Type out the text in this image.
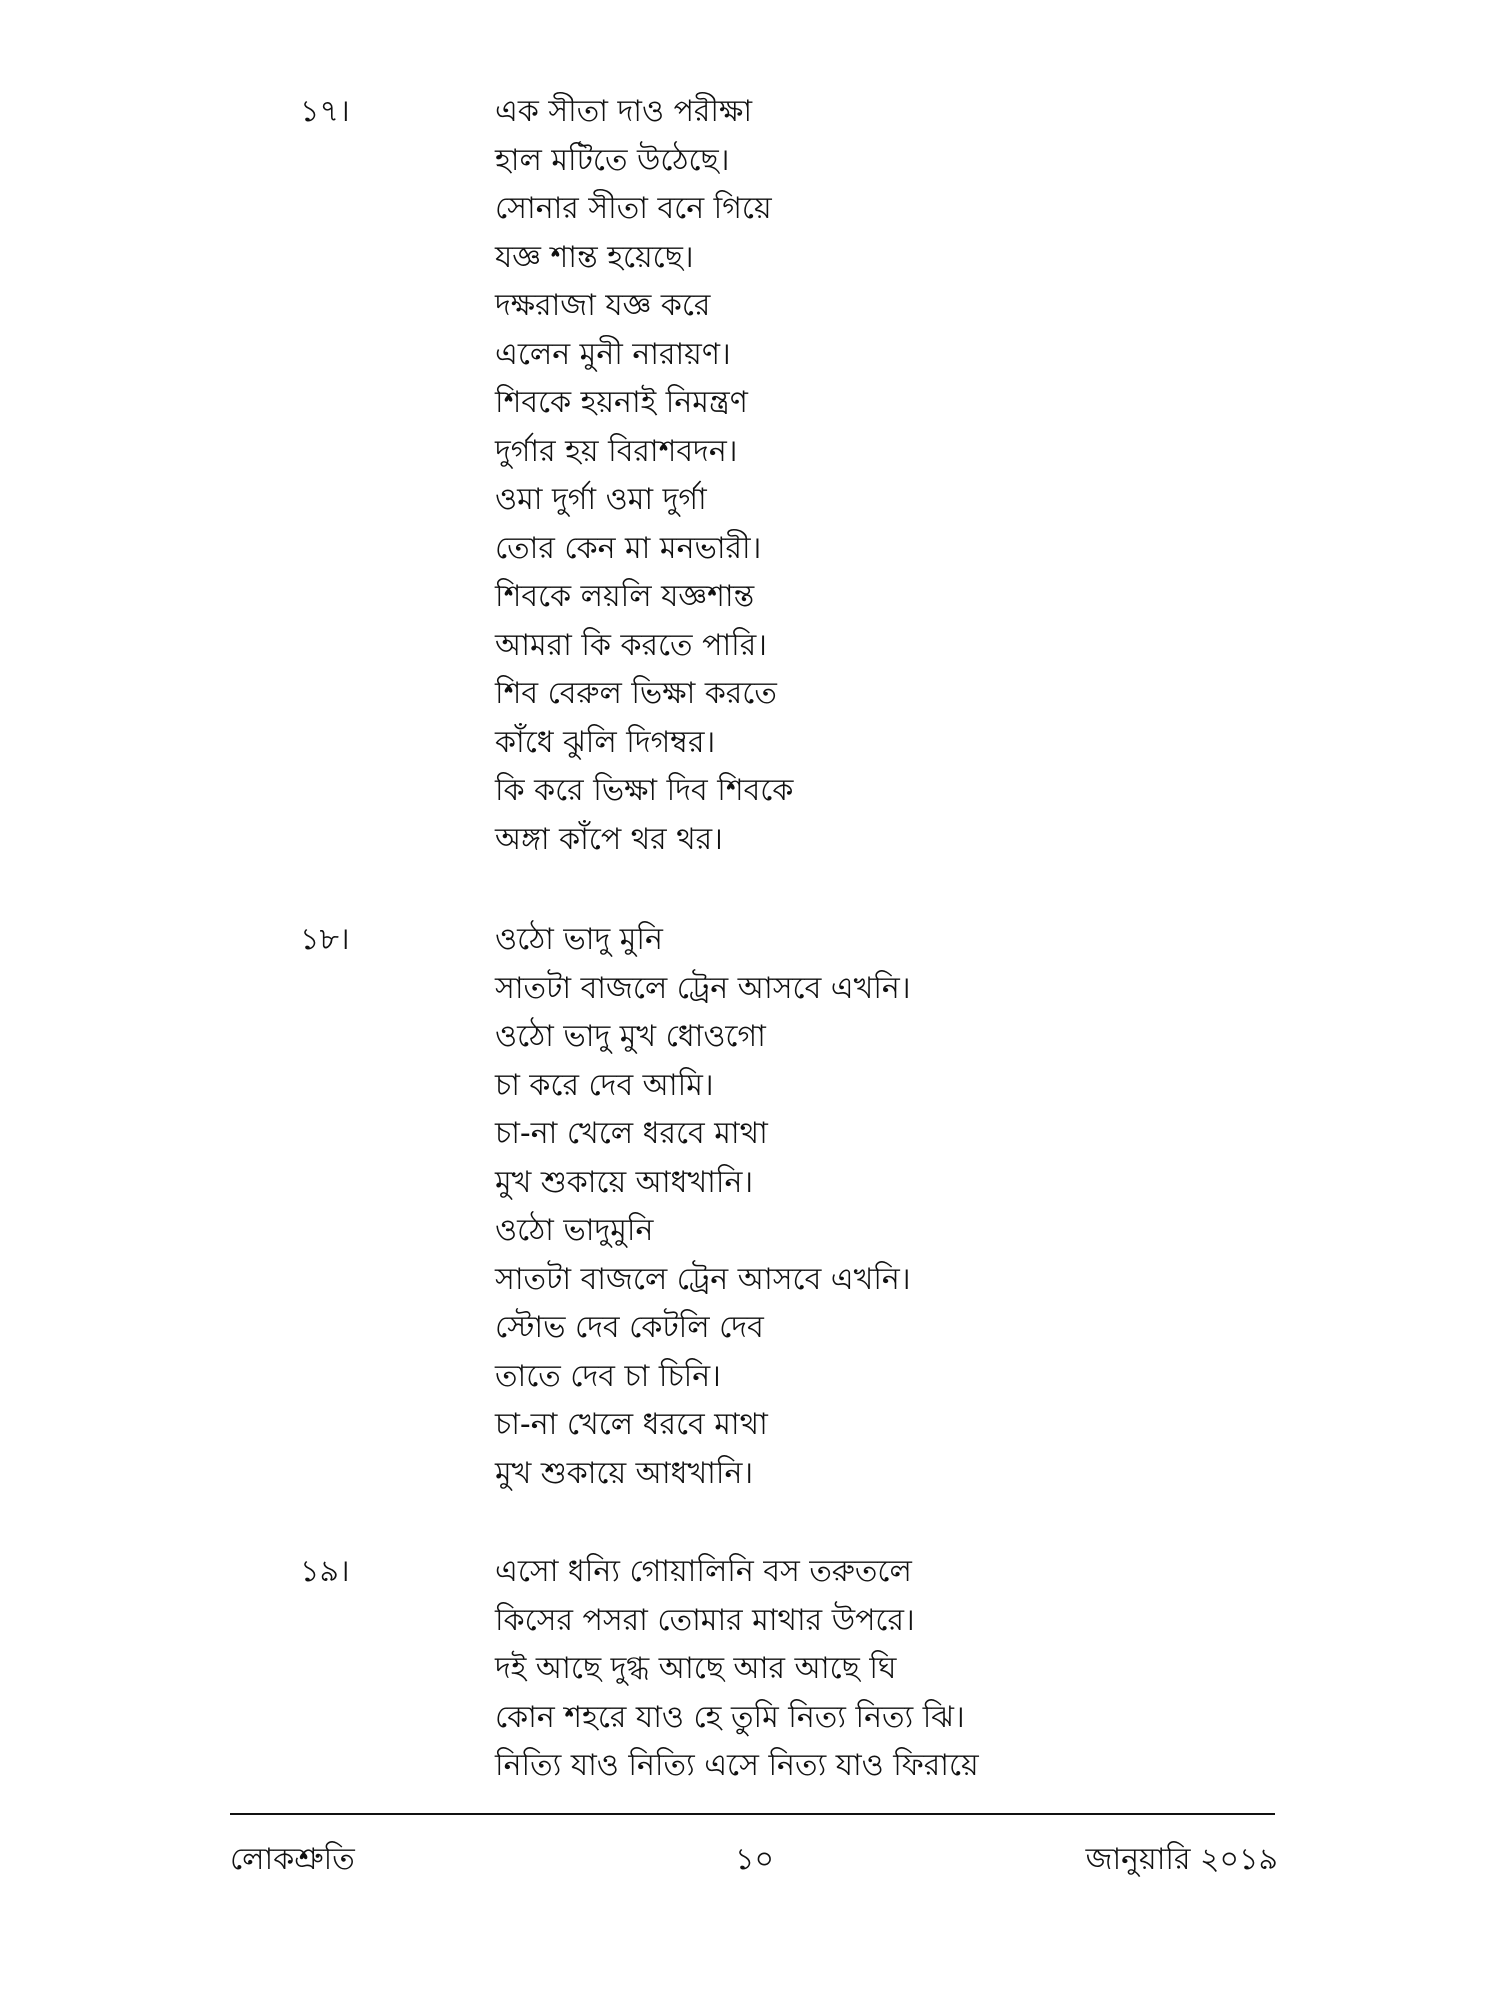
১৭।	এক সীতা দাও পরীক্ষা
হাল মটিতে উঠেছে।
সোনার সীতা বনে গিয়ে
যজ্ঞ শান্ত হয়েছে।
দক্ষরাজা যজ্ঞ করে
এলেন মুনী নারায়ণ।
শিবকে হয়নাই নিমন্ত্রণ
দুর্গার হয় বিরাশবদন।
ওমা দুর্গা ওমা দুর্গা
তোর কেন মা মনভারী।
শিবকে লয়লি যজ্ঞশান্ত
আমরা কি করতে পারি।
শিব বেরুল ভিক্ষা করতে
কাঁধে ঝুলি দিগম্বর।
কি করে ভিক্ষা দিব শিবকে
অঙ্গা কাঁপে থর থর।
১৮।	ওঠো ভাদু মুনি
সাতটা বাজলে ট্রেন আসবে এখনি।
ওঠো ভাদু মুখ ধোওগো
চা করে দেব আমি।
চা-না খেলে ধরবে মাথা
মুখ শুকায়ে আধখানি।
ওঠো ভাদুমুনি
সাতটা বাজলে ট্রেন আসবে এখনি।
স্টোভ দেব কেটলি দেব
তাতে দেব চা চিনি।
চা-না খেলে ধরবে মাথা
মুখ শুকায়ে আধখানি।
১৯।	এসো ধন্যি গোয়ালিনি বস তরুতলে
কিসের পসরা তোমার মাথার উপরে।
দই আছে দুগ্ধ আছে আর আছে ঘি
কোন শহরে যাও হে তুমি নিত্য নিত্য ঝি।
নিত্যি যাও নিত্যি এসে নিত্য যাও ফিরায়ে
লোকশ্রুতি	১০	জানুয়ারি ২০১৯
